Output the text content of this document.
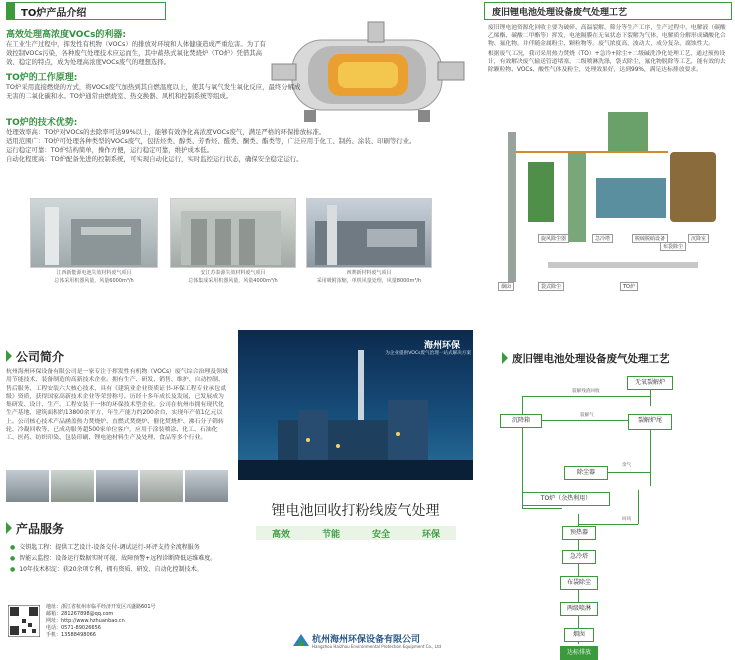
TO炉产品介绍
高效处理高浓度VOCs的利器:
在工业生产过程中，挥发性有机物（VOCs）的排放对环境和人体健康造成严重危害。为了有效控制VOCs污染，各种废气处理技术应运而生，其中蓄热式氧化焚烧炉（TO炉）凭借其高效、稳定的特点，成为处理高浓度VOCs废气的理想选择。
TO炉的工作原理:
TO炉采用直接燃烧的方式，将VOCs废气加热到其自燃温度以上，使其与氧气发生氧化反应，最终分解成无害的二氧化碳和水。TO炉通常由燃烧室、热交换器、风机和控制系统等组成。
TO炉的技术优势:
处理效率高：TO炉对VOCs的去除率可达99%以上，能够有效净化高浓度VOCs废气，满足严格的环保排放标准。
适用范围广：TO炉可处理各种类型的VOCs废气，包括烃类、醇类、芳香烃、醛类、酮类、酯类等，广泛应用于化工、制药、涂装、印刷等行业。
运行稳定可靠：TO炉结构简单，操作方便，运行稳定可靠，维护成本低。
自动化程度高：TO炉配备先进的控制系统，可实现自动化运行，实时监控运行状态，确保安全稳定运行。
江西新能源电池失效材料废气项目
总体采用机器风量，风量6000m³/h
安江苏泰源失效材料废气项目
总体集成采用机器风量，风量4000m³/h
西赛新材料废气项目
采用吸附浓缩，单机风量处理，风量8000m³/h
废旧锂电池处理设备废气处理工艺
废旧锂电池资源化回收主要为破碎、高温裂解、筛分等生产工序，生产过程中，电解液（碳酸乙烯酯、碳酸二甲酯等）挥发，电池隔膜在无氧状态下裂解为气体，电解质分解形成磷酸化合物、氟化物，并伴随金属粉尘、颗粒物等。废气浓度高，波动大，成分复杂，腐蚀性大。
根据废气工况，我司采用热力焚烧（TO）+急冷+除尘+二级碱洗净化处理工艺，通过预热设计，有效解决废气输送管道堵塞，二级喷淋洗涤，袋式除尘，氟化物脱除等工艺，能有效的去除颗粒物、VOCs、酸性气体及粉尘，处理效果好，达到99%，满足达标排放要求。
旋风除尘器	急冷塔	脱硫脱硝设备
烟囱	袋式除尘	TO炉
布袋除尘
沉降室
公司简介
杭州海州环保设备有限公司是一家专注于挥发性有机物（VOCs）废气综合治理及领域用节能技术、装备制造的高新技术企业。拥有生产、研发、销售、维护、自动控制、售后服务、工程安装六大核心技术，具有《建筑业企业资质证书-环保工程专业承包贰级》资质，获得国家高新技术企业等荣誉称号。历经十多年成长及发展，已发展成为集研发、设计、生产、工程安装于一体的环保技术型企业。公司在杭州市拥有现代化生产基地，建筑面积约13800余平方，年生产能力约200余台，实现年产值1亿元以上。公司核心技术产品涵盖热力焚烧炉、直燃式焚烧炉、催化焚烧炉、沸石分子筛转轮、冷凝回收等，已成功服务超500家单位客户，应用于涂装喷涂、化工、石油化工、医药、纺织印染、包装印刷、锂电池材料生产及处理、食品等多个行业。
产品服务
● 交钥匙工程：提供工艺设计-设备交付-调试运行-环评支持全流程服务
● 智能云监控：设备运行数据实时可视、故障预警+远程诊断降低运维难度。
● 10年技术积淀：获20余项专利，拥有资质、研发、自动化控制技术。
地址：浙江省杭州市临平经济开发区兴盛路601号
邮箱：281267898@qq.com
网址：http://www.hzhuanbao.cn
电话：0571-89026656
手机：13588498066
海州环保
为企业提供VOCs废气治理一站式解决方案
锂电池回收打粉线废气处理
高效	节能	安全	环保
杭州海州环保设备有限公司
Hangzhou Haizhou Environmental Protection Equipment Co., Ltd
废旧锂电池处理设备废气处理工艺
无氧裂解炉
沉降箱	裂解炉尾
除尘器
TO炉（余热利用）
预热器
急冷塔
布袋除尘
两级喷淋
烟囱
达标排放
裂解残渣回收
裂解气
余气
回风
